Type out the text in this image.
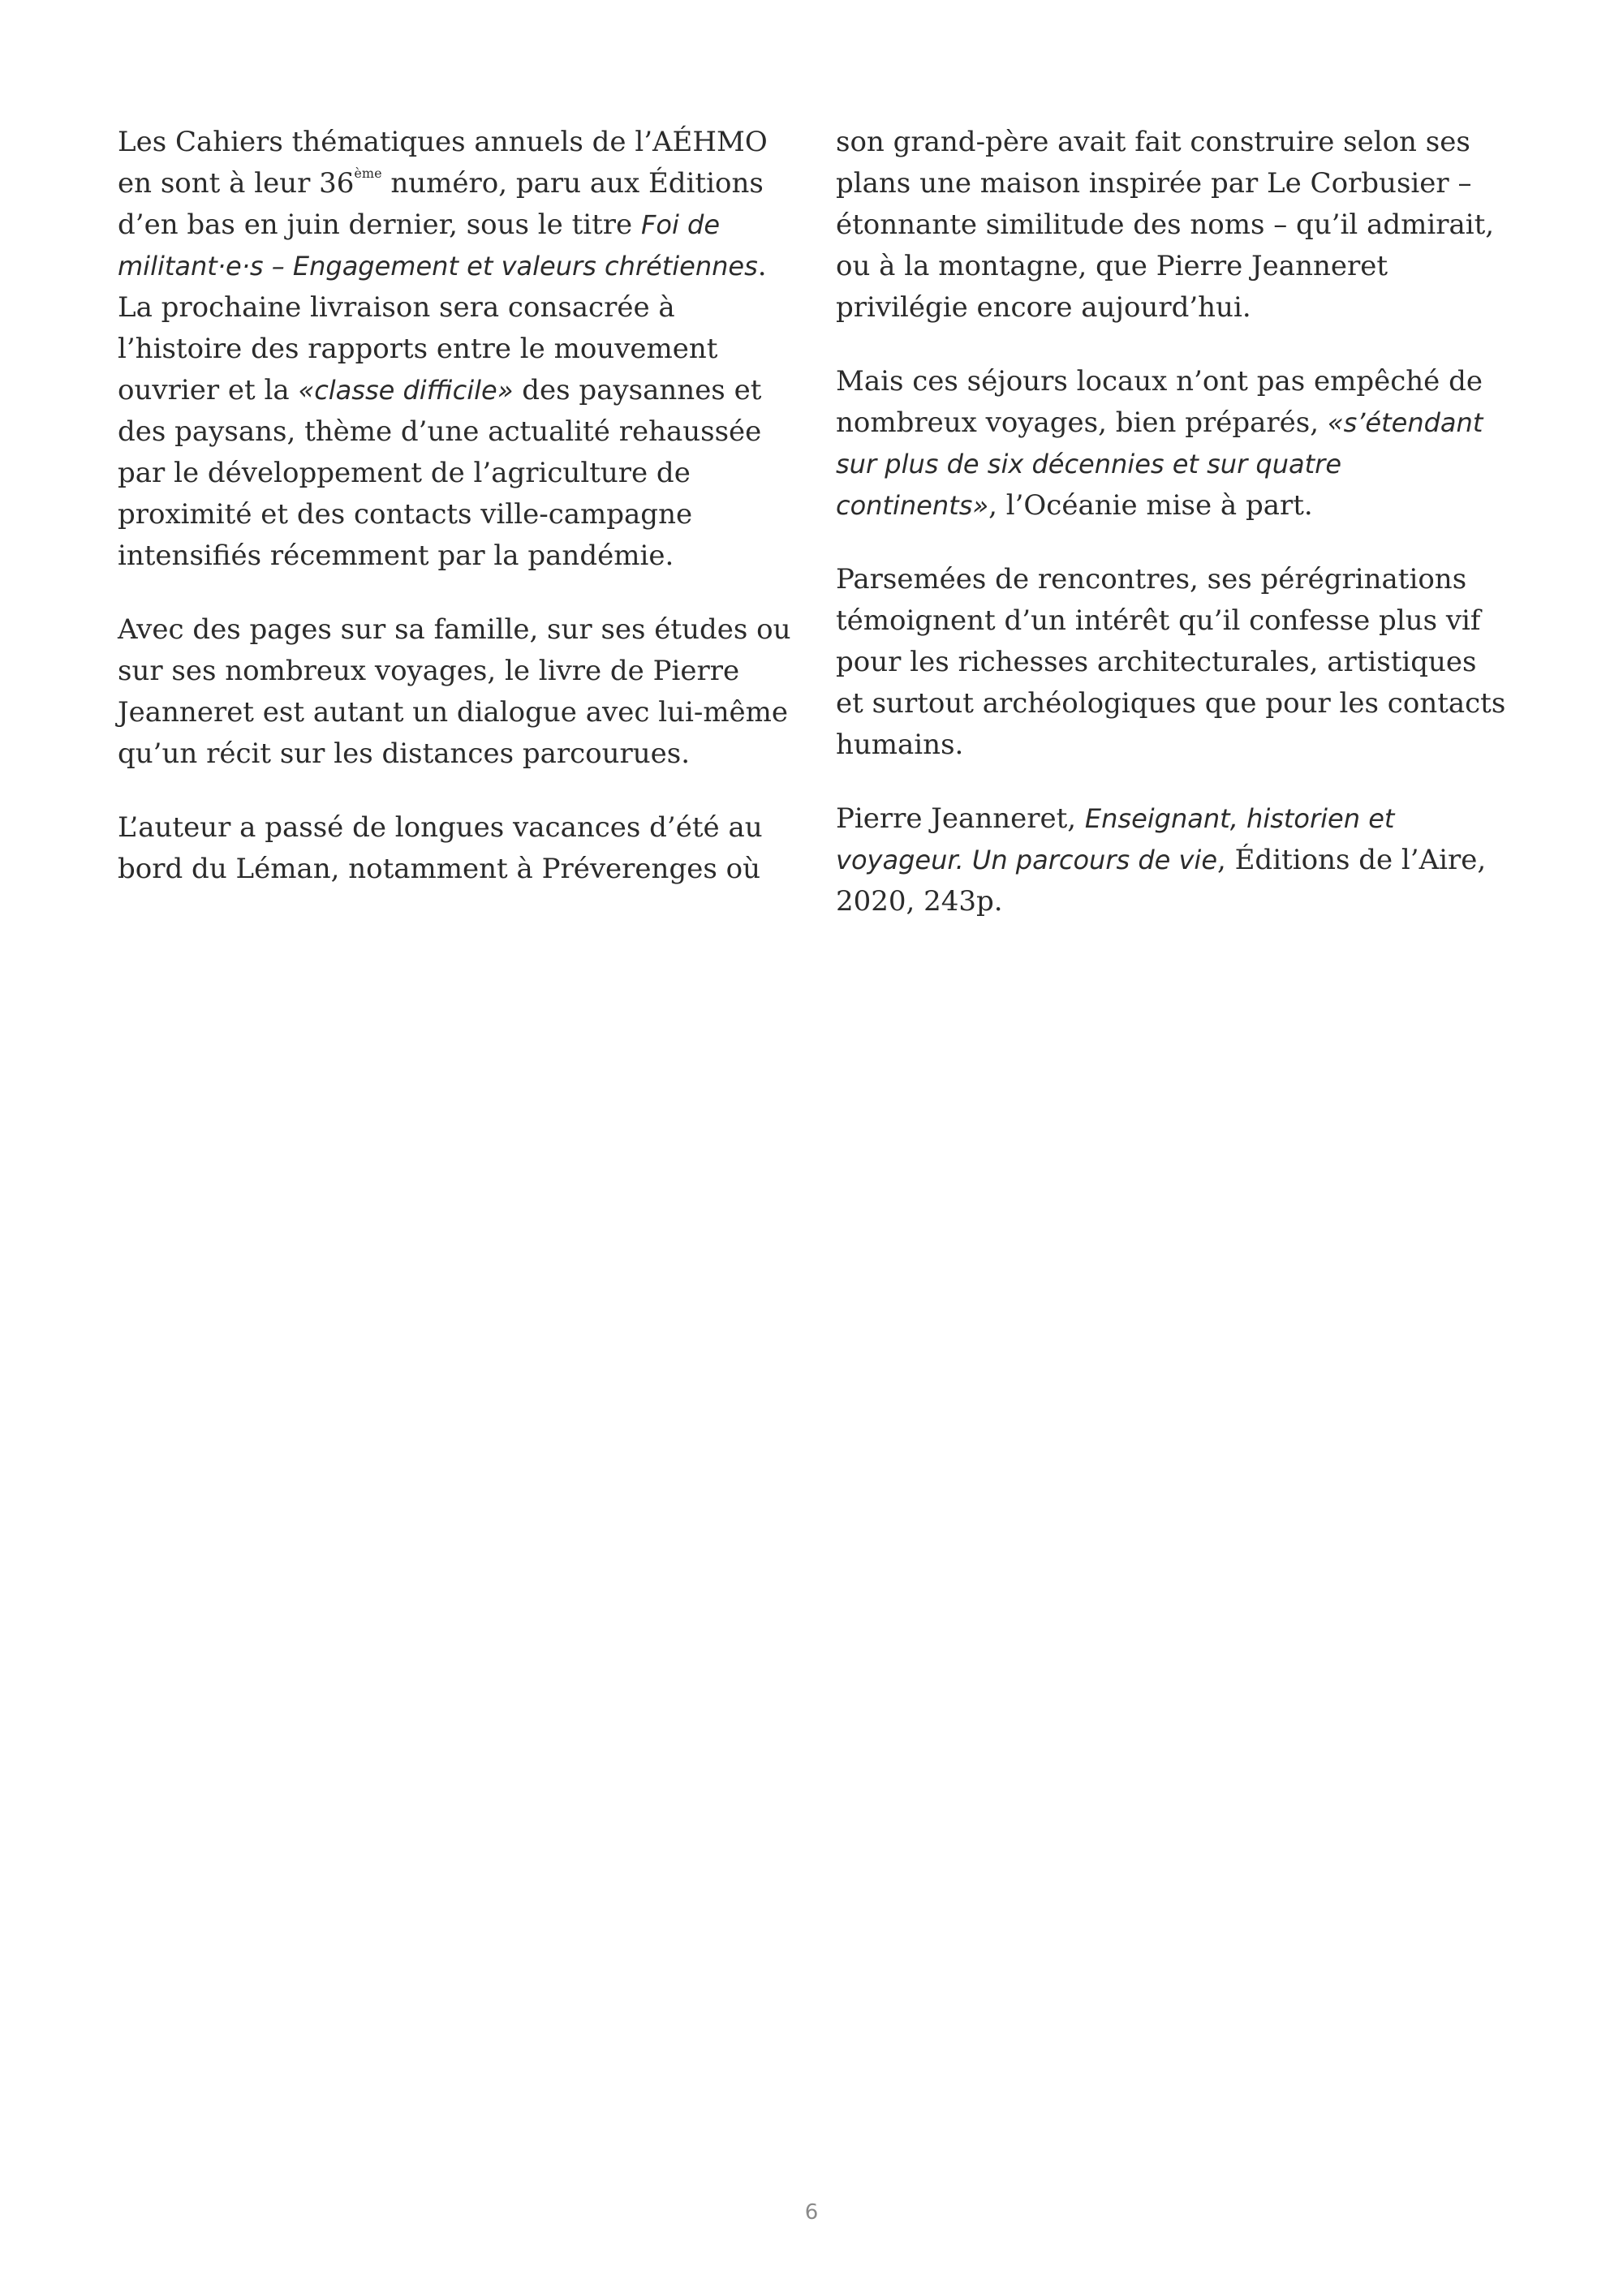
Les Cahiers thématiques annuels de l’AÉHMO en sont à leur 36ème numéro, paru aux Éditions d’en bas en juin dernier, sous le titre Foi de militant·e·s – Engagement et valeurs chrétiennes. La prochaine livraison sera consacrée à l’histoire des rapports entre le mouvement ouvrier et la «classe difficile» des paysannes et des paysans, thème d’une actualité rehaussée par le développement de l’agriculture de proximité et des contacts ville-campagne intensifiés récemment par la pandémie.

Avec des pages sur sa famille, sur ses études ou sur ses nombreux voyages, le livre de Pierre Jeanneret est autant un dialogue avec lui-même qu’un récit sur les distances parcourues.

L’auteur a passé de longues vacances d’été au bord du Léman, notamment à Préverenges où

son grand-père avait fait construire selon ses plans une maison inspirée par Le Corbusier – étonnante similitude des noms – qu’il admirait, ou à la montagne, que Pierre Jeanneret privilégie encore aujourd’hui.

Mais ces séjours locaux n’ont pas empêché de nombreux voyages, bien préparés, «s’étendant sur plus de six décennies et sur quatre continents», l’Océanie mise à part.

Parsemées de rencontres, ses pérégrinations témoignent d’un intérêt qu’il confesse plus vif pour les richesses architecturales, artistiques et surtout archéologiques que pour les contacts humains.

Pierre Jeanneret, Enseignant, historien et voyageur. Un parcours de vie, Éditions de l’Aire, 2020, 243p.

6
